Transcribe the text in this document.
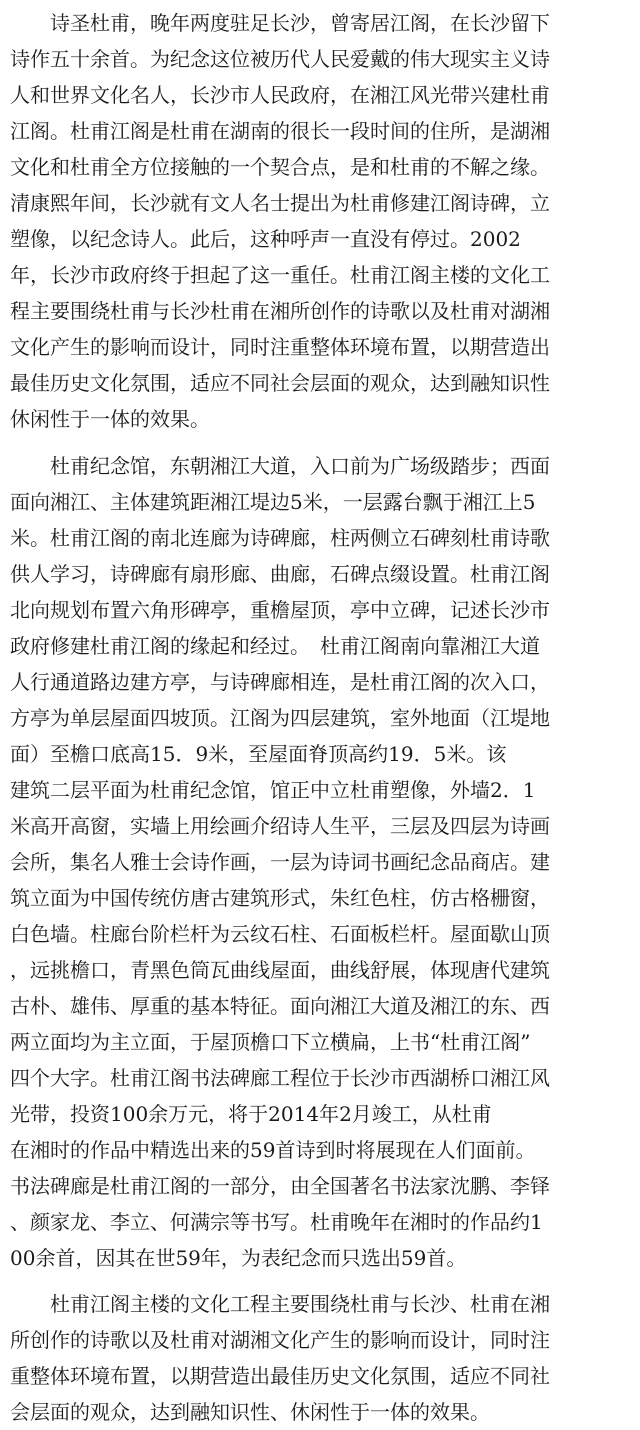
　　诗圣杜甫，晚年两度驻足长沙，曾寄居江阁，在长沙留下
诗作五十余首。为纪念这位被历代人民爱戴的伟大现实主义诗
人和世界文化名人，长沙市人民政府，在湘江风光带兴建杜甫
江阁。杜甫江阁是杜甫在湖南的很长一段时间的住所，是湖湘
文化和杜甫全方位接触的一个契合点，是和杜甫的不解之缘。
清康熙年间，长沙就有文人名士提出为杜甫修建江阁诗碑，立
塑像，以纪念诗人。此后，这种呼声一直没有停过。2002
年，长沙市政府终于担起了这一重任。杜甫江阁主楼的文化工
程主要围绕杜甫与长沙杜甫在湘所创作的诗歌以及杜甫对湖湘
文化产生的影响而设计，同时注重整体环境布置，以期营造出
最佳历史文化氛围，适应不同社会层面的观众，达到融知识性
休闲性于一体的效果。
　　杜甫纪念馆，东朝湘江大道，入口前为广场级踏步；西面
面向湘江、主体建筑距湘江堤边5米，一层露台飘于湘江上5
米。杜甫江阁的南北连廊为诗碑廊，柱两侧立石碑刻杜甫诗歌
供人学习，诗碑廊有扇形廊、曲廊，石碑点缀设置。杜甫江阁
北向规划布置六角形碑亭，重檐屋顶，亭中立碑，记述长沙市
政府修建杜甫江阁的缘起和经过。　杜甫江阁南向靠湘江大道
人行通道路边建方亭，与诗碑廊相连，是杜甫江阁的次入口，
方亭为单层屋面四坡顶。江阁为四层建筑，室外地面（江堤地
面）至檐口底高15．9米，至屋面脊顶高约19．5米。该
建筑二层平面为杜甫纪念馆，馆正中立杜甫塑像，外墙2．1
米高开高窗，实墙上用绘画介绍诗人生平，三层及四层为诗画
会所，集名人雅士会诗作画，一层为诗词书画纪念品商店。建
筑立面为中国传统仿唐古建筑形式，朱红色柱，仿古格栅窗，
白色墙。柱廊台阶栏杆为云纹石柱、石面板栏杆。屋面歇山顶
，远挑檐口，青黑色筒瓦曲线屋面，曲线舒展，体现唐代建筑
古朴、雄伟、厚重的基本特征。面向湘江大道及湘江的东、西
两立面均为主立面，于屋顶檐口下立横扁，上书“杜甫江阁”
四个大字。杜甫江阁书法碑廊工程位于长沙市西湖桥口湘江风
光带，投资100余万元，将于2014年2月竣工，从杜甫
在湘时的作品中精选出来的59首诗到时将展现在人们面前。
书法碑廊是杜甫江阁的一部分，由全国著名书法家沈鹏、李铎
、颜家龙、李立、何满宗等书写。杜甫晚年在湘时的作品约1
00余首，因其在世59年，为表纪念而只选出59首。
　　杜甫江阁主楼的文化工程主要围绕杜甫与长沙、杜甫在湘
所创作的诗歌以及杜甫对湖湘文化产生的影响而设计，同时注
重整体环境布置，以期营造出最佳历史文化氛围，适应不同社
会层面的观众，达到融知识性、休闲性于一体的效果。
